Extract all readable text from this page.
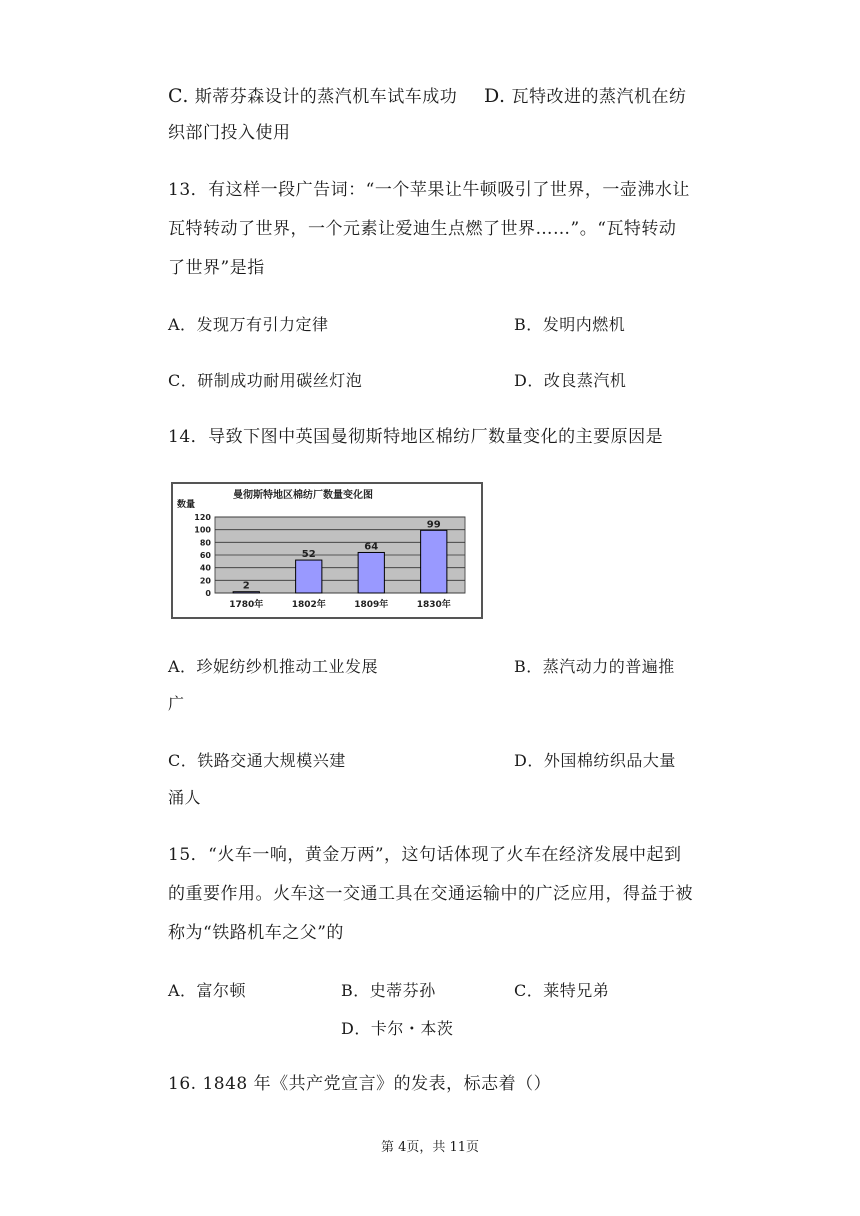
C. 斯蒂芬森设计的蒸汽机车试车成功 D. 瓦特改进的蒸汽机在纺
织部门投入使用
13．有这样一段广告词：“一个苹果让牛顿吸引了世界，一壶沸水让
瓦特转动了世界，一个元素让爱迪生点燃了世界……”。“瓦特转动
了世界”是指
A．发现万有引力定律	B．发明内燃机
C．研制成功耐用碳丝灯泡	D．改良蒸汽机
14．导致下图中英国曼彻斯特地区棉纺厂数量变化的主要原因是
曼彻斯特地区棉纺厂数量变化图
数量
0
20
40
60
80
100
120
2
1780年
52
1802年
64
1809年
99
1830年
A．珍妮纺纱机推动工业发展	B．蒸汽动力的普遍推
广
C．铁路交通大规模兴建	D．外国棉纺织品大量
涌人
15．“火车一响，黄金万两”，这句话体现了火车在经济发展中起到
的重要作用。火车这一交通工具在交通运输中的广泛应用，得益于被
称为“铁路机车之父”的
A．富尔顿	B．史蒂芬孙	C．莱特兄弟
D．卡尔・本茨
16. 1848 年《共产党宣言》的发表，标志着（）
第 4页，共 11页
